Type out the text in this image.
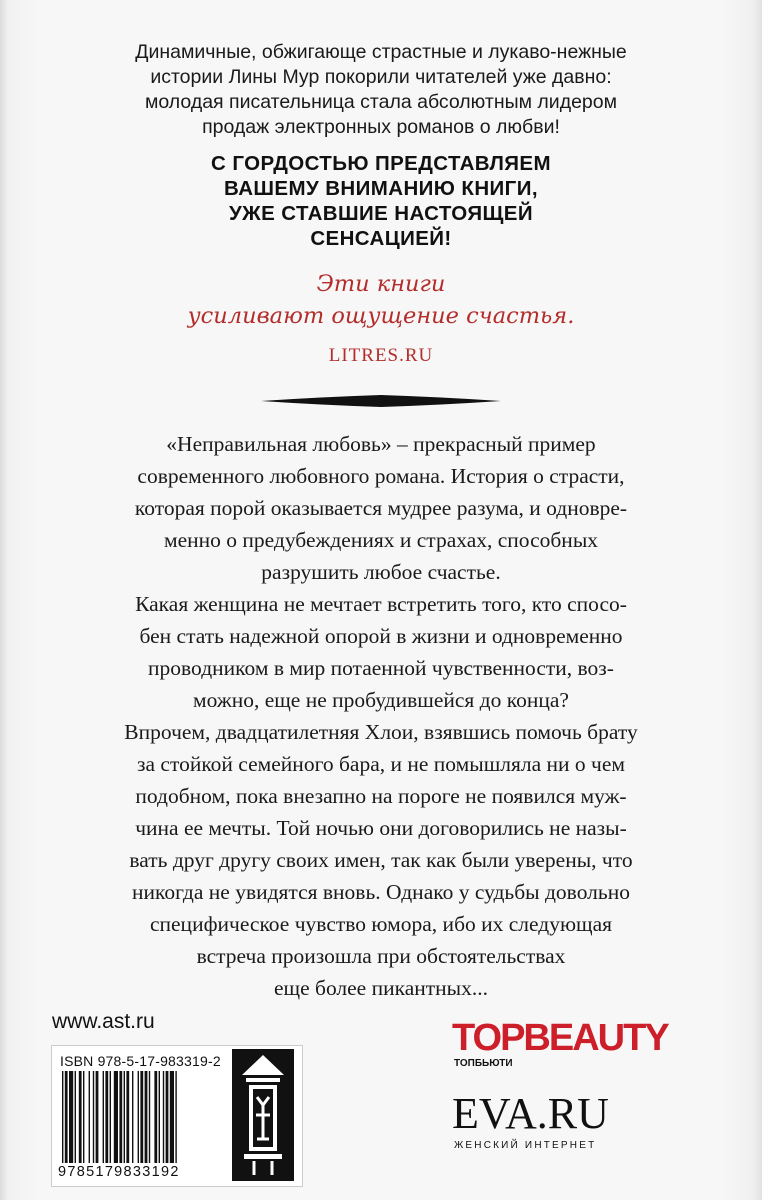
Динамичные, обжигающе страстные и лукаво-нежные
истории Лины Мур покорили читателей уже давно:
молодая писательница стала абсолютным лидером
продаж электронных романов о любви!
С ГОРДОСТЬЮ ПРЕДСТАВЛЯЕМ
ВАШЕМУ ВНИМАНИЮ КНИГИ,
УЖЕ СТАВШИЕ НАСТОЯЩЕЙ
СЕНСАЦИЕЙ!
Эти книги
усиливают ощущение счастья.
LITRES.RU
«Неправильная любовь» – прекрасный пример
современного любовного романа. История о страсти,
которая порой оказывается мудрее разума, и одновре-
менно о предубеждениях и страхах, способных
разрушить любое счастье.
Какая женщина не мечтает встретить того, кто спосо-
бен стать надежной опорой в жизни и одновременно
проводником в мир потаенной чувственности, воз-
можно, еще не пробудившейся до конца?
Впрочем, двадцатилетняя Хлои, взявшись помочь брату
за стойкой семейного бара, и не помышляла ни о чем
подобном, пока внезапно на пороге не появился муж-
чина ее мечты. Той ночью они договорились не назы-
вать друг другу своих имен, так как были уверены, что
никогда не увидятся вновь. Однако у судьбы довольно
специфическое чувство юмора, ибо их следующая
встреча произошла при обстоятельствах
еще более пикантных...
www.ast.ru
ISBN 978-5-17-983319-2
9785179833192
TOPBEAUTY
ТОПБЬЮТИ
EVA.RU
ЖЕНСКИЙ ИНТЕРНЕТ
